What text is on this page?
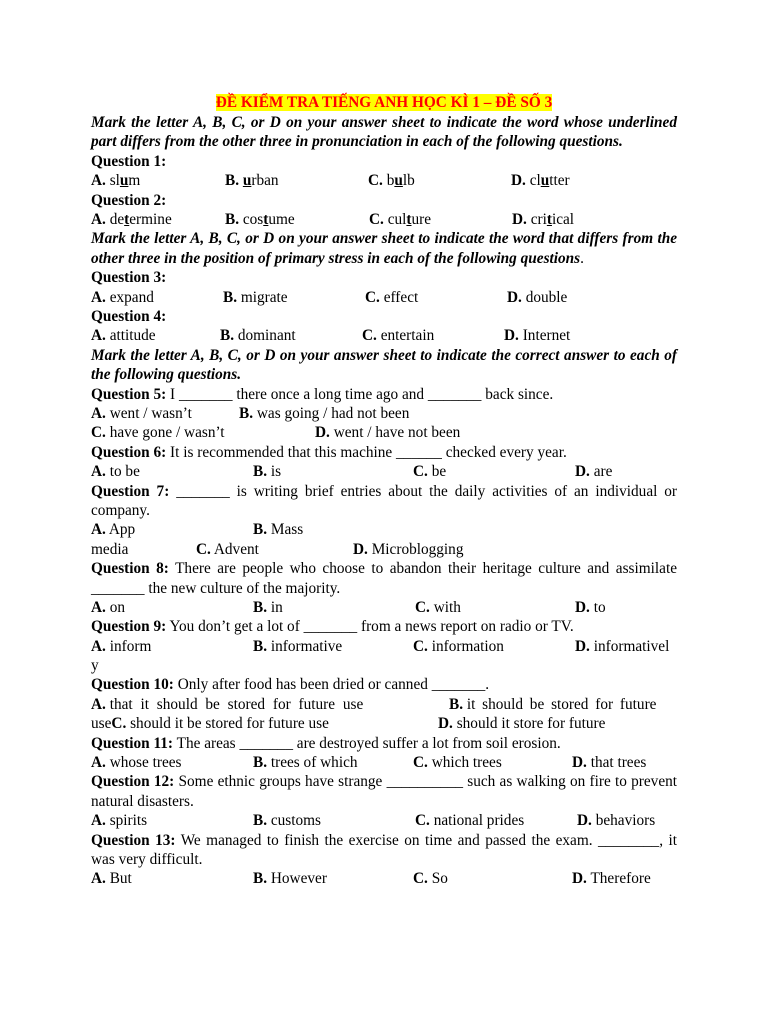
ĐỀ KIỂM TRA TIẾNG ANH HỌC KÌ 1 – ĐỀ SỐ 3
Mark the letter A, B, C, or D on your answer sheet to indicate the word whose underlined part differs from the other three in pronunciation in each of the following questions.
Question 1:
A. slum	B. urban	C. bulb	D. clutter
Question 2:
A. determine	B. costume	C. culture	D. critical
Mark the letter A, B, C, or D on your answer sheet to indicate the word that differs from the other three in the position of primary stress in each of the following questions.
Question 3:
A. expand	B. migrate	C. effect	D. double
Question 4:
A. attitude	B. dominant	C. entertain	D. Internet
Mark the letter A, B, C, or D on your answer sheet to indicate the correct answer to each of the following questions.
Question 5: I _______ there once a long time ago and _______ back since.
A. went / wasn’t	B. was going / had not been
C. have gone / wasn’t	D. went / have not been
Question 6: It is recommended that this machine ______ checked every year.
A. to be	B. is	C. be	D. are
Question 7: _______ is writing brief entries about the daily activities of an individual or company.
A. App	B. Mass
media	C. Advent	D. Microblogging
Question 8: There are people who choose to abandon their heritage culture and assimilate _______ the new culture of the majority.
A. on	B. in	C. with	D. to
Question 9: You don’t get a lot of _______ from a news report on radio or TV.
A. inform	B. informative	C. information	D. informativel
y
Question 10: Only after food has been dried or canned _______.
A. that it should be stored for future use	B. it should be stored for future
useC. should it be stored for future use	D. should it store for future
Question 11: The areas _______ are destroyed suffer a lot from soil erosion.
A. whose trees	B. trees of which	C. which trees	D. that trees
Question 12: Some ethnic groups have strange __________ such as walking on fire to prevent natural disasters.
A. spirits	B. customs	C. national prides	D. behaviors
Question 13: We managed to finish the exercise on time and passed the exam. ________, it was very difficult.
A. But	B. However	C. So	D. Therefore
